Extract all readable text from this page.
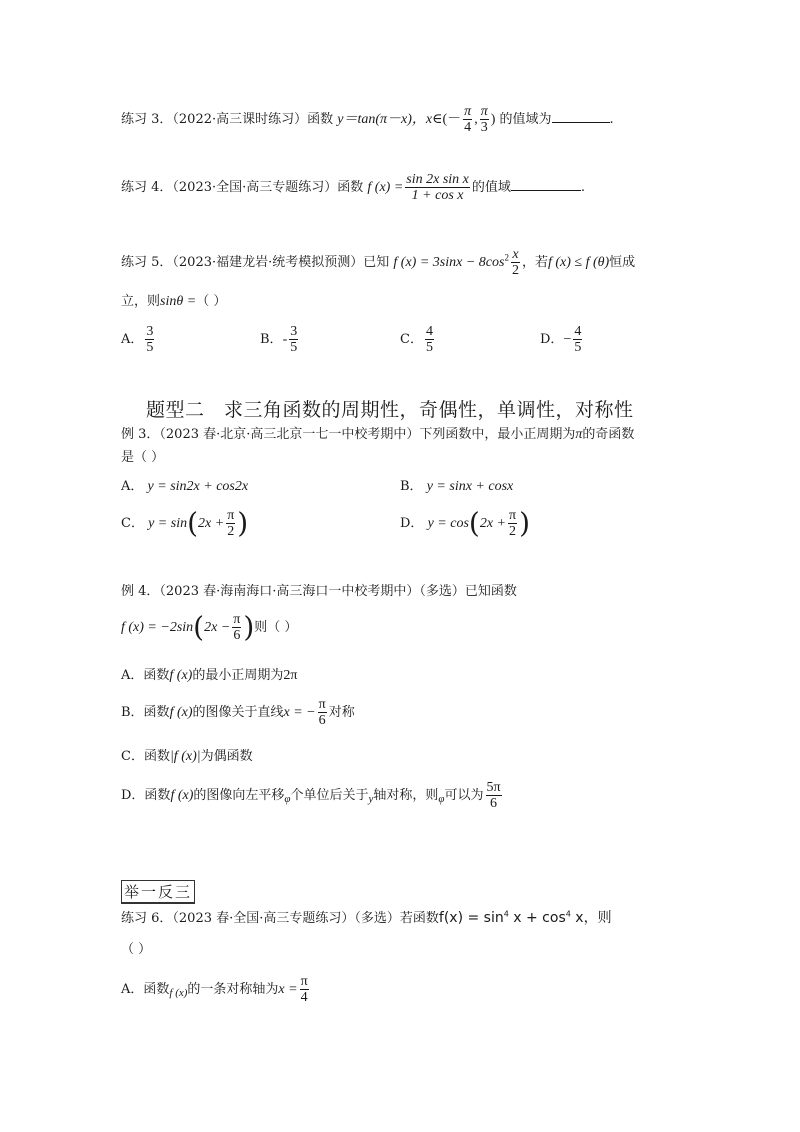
练习 3．（2022·高三课时练习）函数 y＝tan(π－x)，x∈(－ $\frac{\pi}{4}$ , $\frac{\pi}{3}$ ) 的值域为	.
练习 4．（2023·全国·高三专题练习）函数 f $(x) = \frac{\text{sin 2x sin x}}{\text{1 + cos x}}$ 的值域	.
练习 5．（2023·福建龙岩·统考模拟预测）已知 f $(x) = 3\sin x - 8\cos^2 \frac{x}{2}$ ，若f (x) ≤ f (θ)恒成
立，则sinθ =（ ）
A． $\frac{3}{5}$	B．- $\frac{3}{5}$	C． $\frac{4}{5}$	D．− $\frac{4}{5}$
题型二　求三角函数的周期性，奇偶性，单调性，对称性
例 3．（2023 春·北京·高三北京一七一中校考期中）下列函数中，最小正周期为π的奇函数
是（ ）
A． y = sin2x + cos2x	B． y = sinx + cosx
C． $y = \sin(2x + \frac{\pi}{2}$ )	D． $y = \cos(2x + \frac{\pi}{2}$ )
例 4．（2023 春·海南海口·高三海口一中校考期中）（多选）已知函数
f $(x) = -2\sin(2x - \frac{\pi}{6}$ )则（ ）
A．函数f (x)的最小正周期为2π
B．函数f (x)的图像关于直线x = − $\frac{\pi}{6}$ 对称
C．函数|f (x)|为偶函数
D．函数f (x)的图像向左平移$_\varphi$个单位后关于$_y$轴对称，则$_\varphi$可以为 $\frac{5\pi}{6}$
举一反三
练习 6．（2023 春·全国·高三专题练习）（多选）若函数$f(x) = \sin^4 x + \cos^4 x$，则
（ ）
A．函数$_{f (x)}$的一条对称轴为$x = \frac{\pi}{4}$
